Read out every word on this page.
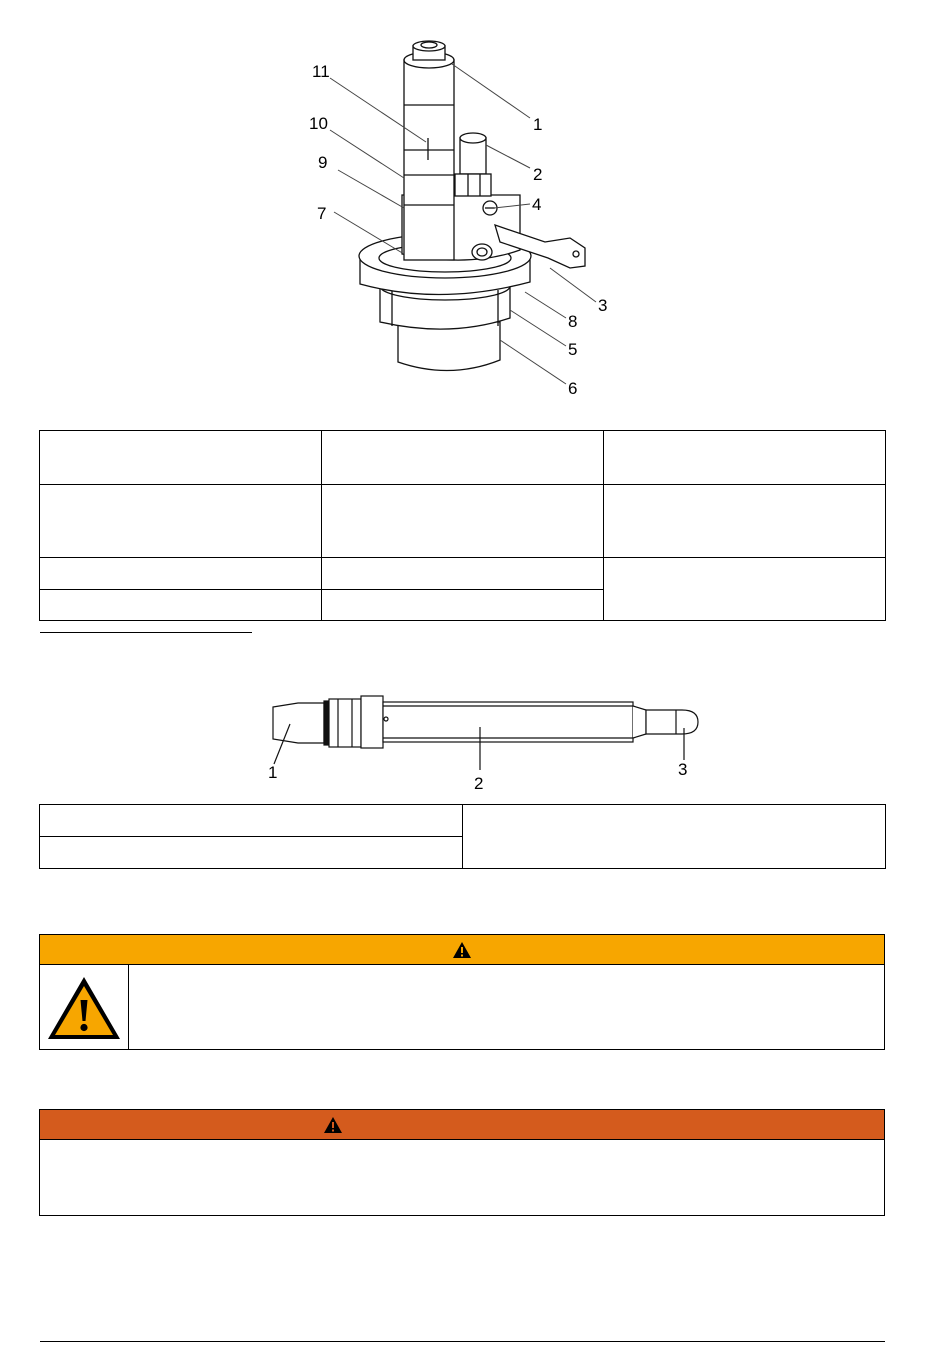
11
10
9
7
1
2
4
3
8
5
6

1
2
3
